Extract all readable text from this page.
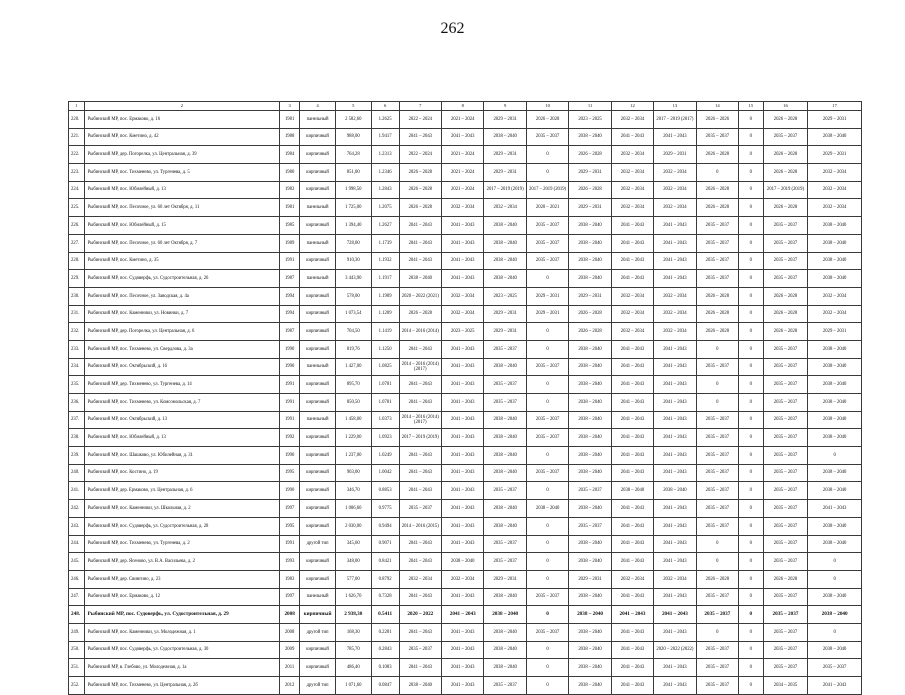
262
1	2	3	4	5	6	7	8	9	10	11	12	13	14	15	16	17
220.	Рыбинский МР, пос. Ермаково, д. 16	1981	панельный	2 582,60	1.2625	2022 – 2024	2021 – 2024	2029 – 2031	2026 – 2028	2023 – 2025	2032 – 2034	2017 – 2019 (2017)	2026 – 2026	0	2026 – 2028	2029 – 2031
221.	Рыбинский МР, пос. Кметино, д. 42	1988	кирпичный	988,00	1.9417	2041 – 2043	2041 – 2043	2038 – 2040	2035 – 2037	2038 – 2040	2041 – 2043	2041 – 2043	2035 – 2037	0	2035 – 2037	2038 – 2040
222.	Рыбинский МР, дер. Погорелка, ул. Центральная, д. 39	1984	кирпичный	764,28	1.2313	2022 – 2024	2021 – 2024	2029 – 2031	0	2026 – 2028	2032 – 2034	2029 – 2031	2026 – 2028	0	2026 – 2028	2029 – 2031
223.	Рыбинский МР, пос. Тихменево, ул. Тургенева, д. 5	1980	кирпичный	851,00	1.2346	2026 – 2028	2021 – 2024	2029 – 2031	0	2029 – 2031	2032 – 2034	2032 – 2034	0	0	2026 – 2028	2032 – 2034
224.	Рыбинский МР, пос. Юбилейный, д. 13	1983	кирпичный	1 998,50	1.2843	2026 – 2028	2021 – 2024	2017 – 2019 (2019)	2017 – 2019 (2019)	2026 – 2028	2032 – 2034	2032 – 2034	2026 – 2028	0	2017 – 2019 (2019)	2032 – 2034
225.	Рыбинский МР, пос. Песочное, ул. 60 лет Октября, д. 11	1981	панельный	1 725,00	1.2075	2026 – 2028	2032 – 2034	2032 – 2034	2020 – 2021	2029 – 2031	2032 – 2034	2032 – 2034	2026 – 2028	0	2026 – 2028	2032 – 2034
226.	Рыбинский МР, пос. Юбилейный, д. 15	1985	кирпичный	1 394,40	1.2627	2041 – 2043	2041 – 2043	2038 – 2040	2035 – 2037	2038 – 2040	2041 – 2043	2041 – 2043	2035 – 2037	0	2035 – 2037	2038 – 2040
227.	Рыбинский МР, пос. Песочное, ул. 60 лет Октября, д. 7	1989	панельный	728,00	1.1739	2041 – 2043	2041 – 2043	2038 – 2040	2035 – 2037	2038 – 2040	2041 – 2043	2041 – 2043	2035 – 2037	0	2035 – 2037	2038 – 2040
228.	Рыбинский МР, пос. Кметино, д. 35	1991	кирпичный	910,30	1.1932	2041 – 2043	2041 – 2043	2038 – 2040	2035 – 2037	2038 – 2040	2041 – 2043	2041 – 2043	2035 – 2037	0	2035 – 2037	2038 – 2040
229.	Рыбинский МР, пос. Судоверфь, ул. Судостроительная, д. 26	1987	панельный	3 443,90	1.1917	2038 – 2040	2041 – 2043	2038 – 2040	0	2038 – 2040	2041 – 2043	2041 – 2043	2035 – 2037	0	2035 – 2037	2038 – 2040
230.	Рыбинский МР, пос. Песочное, ул. Заводская, д. 4а	1994	кирпичный	578,00	1.1909	2020 – 2022 (2021)	2032 – 2034	2023 – 2025	2029 – 2031	2029 – 2031	2032 – 2034	2032 – 2034	2026 – 2028	0	2026 – 2028	2032 – 2034
231.	Рыбинский МР, пос. Каменники, ул. Новинки, д. 7	1994	кирпичный	1 073,54	1.1209	2026 – 2028	2032 – 2034	2029 – 2031	2029 – 2031	2026 – 2028	2032 – 2034	2032 – 2034	2026 – 2028	0	2026 – 2028	2032 – 2034
232.	Рыбинский МР, дер. Погорелка, ул. Центральная, д. 6	1987	кирпичный	704,50	1.1419	2014 – 2016 (2014)	2023 – 2025	2029 – 2031	0	2026 – 2028	2032 – 2034	2032 – 2034	2026 – 2028	0	2026 – 2028	2029 – 2031
233.	Рыбинский МР, пос. Тихменево, ул. Свердлова, д. 3а	1990	кирпичный	819,76	1.1250	2041 – 2043	2041 – 2043	2035 – 2037	0	2038 – 2040	2041 – 2043	2041 – 2043	0	0	2035 – 2037	2038 – 2040
234.	Рыбинский МР, пос. Октябрьский, д. 16	1990	панельный	1 427,00	1.0825	2014 – 2016 (2014)(2017)	2041 – 2043	2038 – 2040	2035 – 2037	2038 – 2040	2041 – 2043	2041 – 2043	2035 – 2037	0	2035 – 2037	2038 – 2040
235.	Рыбинский МР, дер. Тихменево, ул. Тургенева, д. 14	1991	кирпичный	895,70	1.0781	2041 – 2043	2041 – 2043	2035 – 2037	0	2038 – 2040	2041 – 2043	2041 – 2043	0	0	2035 – 2037	2038 – 2040
236.	Рыбинский МР, пос. Тихменево, ул. Комсомольская, д. 7	1991	кирпичный	850,50	1.0781	2041 – 2043	2041 – 2043	2035 – 2037	0	2038 – 2040	2041 – 2043	2041 – 2043	0	0	2035 – 2037	2038 – 2040
237.	Рыбинский МР, пос. Октябрьский, д. 13	1991	панельный	1 458,00	1.0373	2014 – 2016 (2014)(2017)	2041 – 2043	2038 – 2040	2035 – 2037	2038 – 2040	2041 – 2043	2041 – 2043	2035 – 2037	0	2035 – 2037	2038 – 2040
238.	Рыбинский МР, пос. Юбилейный, д. 13	1992	кирпичный	1 229,00	1.0923	2017 – 2019 (2019)	2041 – 2043	2038 – 2040	2035 – 2037	2038 – 2040	2041 – 2043	2041 – 2043	2035 – 2037	0	2035 – 2037	2038 – 2040
239.	Рыбинский МР, пос. Шашково, ул. Юбилейная, д. 31	1990	кирпичный	1 237,00	1.0249	2041 – 2043	2041 – 2043	2038 – 2040	0	2038 – 2040	2041 – 2043	2041 – 2043	2035 – 2037	0	2035 – 2037	0
240.	Рыбинский МР, пос. Костино, д. 19	1995	кирпичный	903,00	1.0042	2041 – 2043	2041 – 2043	2038 – 2040	2035 – 2037	2038 – 2040	2041 – 2043	2041 – 2043	2035 – 2037	0	2035 – 2037	2038 – 2040
241.	Рыбинский МР, дер. Ермаково, ул. Центральная, д. 6	1990	кирпичный	346,70	0.8853	2041 – 2043	2041 – 2043	2035 – 2037	0	2035 – 2037	2038 – 2040	2038 – 2040	2035 – 2037	0	2035 – 2037	2038 – 2040
242.	Рыбинский МР, пос. Каменники, ул. Школьная, д. 2	1997	кирпичный	1 006,60	0.9775	2035 – 2037	2041 – 2043	2038 – 2040	2038 – 2040	2038 – 2040	2041 – 2043	2041 – 2043	2035 – 2037	0	2035 – 2037	2041 – 2043
243.	Рыбинский МР, пос. Судоверфь, ул. Судостроительная, д. 28	1995	кирпичный	2 030,00	0.9494	2014 – 2016 (2015)	2041 – 2043	2038 – 2040	0	2035 – 2037	2041 – 2043	2041 – 2043	2035 – 2037	0	2035 – 2037	2038 – 2040
244.	Рыбинский МР, пос. Тихменево, ул. Тургенева, д. 2	1991	другой тип	345,60	0.9071	2041 – 2043	2041 – 2043	2035 – 2037	0	2038 – 2040	2041 – 2043	2041 – 2043	0	0	2035 – 2037	2038 – 2040
245.	Рыбинский МР, дер. Ясеново, ул. В.А. Васильева, д. 2	1993	кирпичный	348,00	0.8421	2041 – 2043	2038 – 2040	2035 – 2037	0	2038 – 2040	2041 – 2043	2041 – 2043	0	0	2035 – 2037	0
246.	Рыбинский МР, дер. Свингино, д. 23	1983	кирпичный	577,00	0.8792	2032 – 2034	2032 – 2034	2029 – 2031	0	2029 – 2031	2032 – 2034	2032 – 2034	2026 – 2028	0	2026 – 2028	0
247.	Рыбинский МР, пос. Ермаково, д. 12	1997	панельный	1 626,70	0.7328	2041 – 2043	2041 – 2043	2038 – 2040	2035 – 2037	2038 – 2040	2041 – 2043	2041 – 2043	2035 – 2037	0	2035 – 2037	2038 – 2040
248.	Рыбинский МР, пос. Судоверфь, ул. Судостроительная, д. 29	2008	кирпичный	2 938,30	0.5411	2020 – 2022	2041 – 2043	2038 – 2040	0	2038 – 2040	2041 – 2043	2041 – 2043	2035 – 2037	0	2035 – 2037	2038 – 2040
249.	Рыбинский МР, пос. Каменники, ул. Молодежная, д. 1	2008	другой тип	168,30	0.2281	2041 – 2043	2041 – 2043	2038 – 2040	2035 – 2037	2038 – 2040	2041 – 2043	2041 – 2043	0	0	2035 – 2037	0
250.	Рыбинский МР, пос. Судоверфь, ул. Судостроительная, д. 30	2009	кирпичный	785,70	0.2843	2035 – 2037	2041 – 2043	2038 – 2040	0	2038 – 2040	2041 – 2043	2020 – 2022 (2022)	2035 – 2037	0	2035 – 2037	2038 – 2040
251.	Рыбинский МР, в. Глебово, ул. Молодежная, д. 1а	2011	кирпичный	486,40	0.1083	2041 – 2043	2041 – 2043	2038 – 2040	0	2038 – 2040	2041 – 2043	2041 – 2043	2035 – 2037	0	2035 – 2037	2035 – 2037
252.	Рыбинский МР, пос. Тихменево, ул. Центральная, д. 2б	2012	другой тип	1 071,60	0.0847	2038 – 2040	2041 – 2043	2035 – 2037	0	2038 – 2040	2041 – 2043	2041 – 2043	2035 – 2037	0	2034 – 2035	2041 – 2043
